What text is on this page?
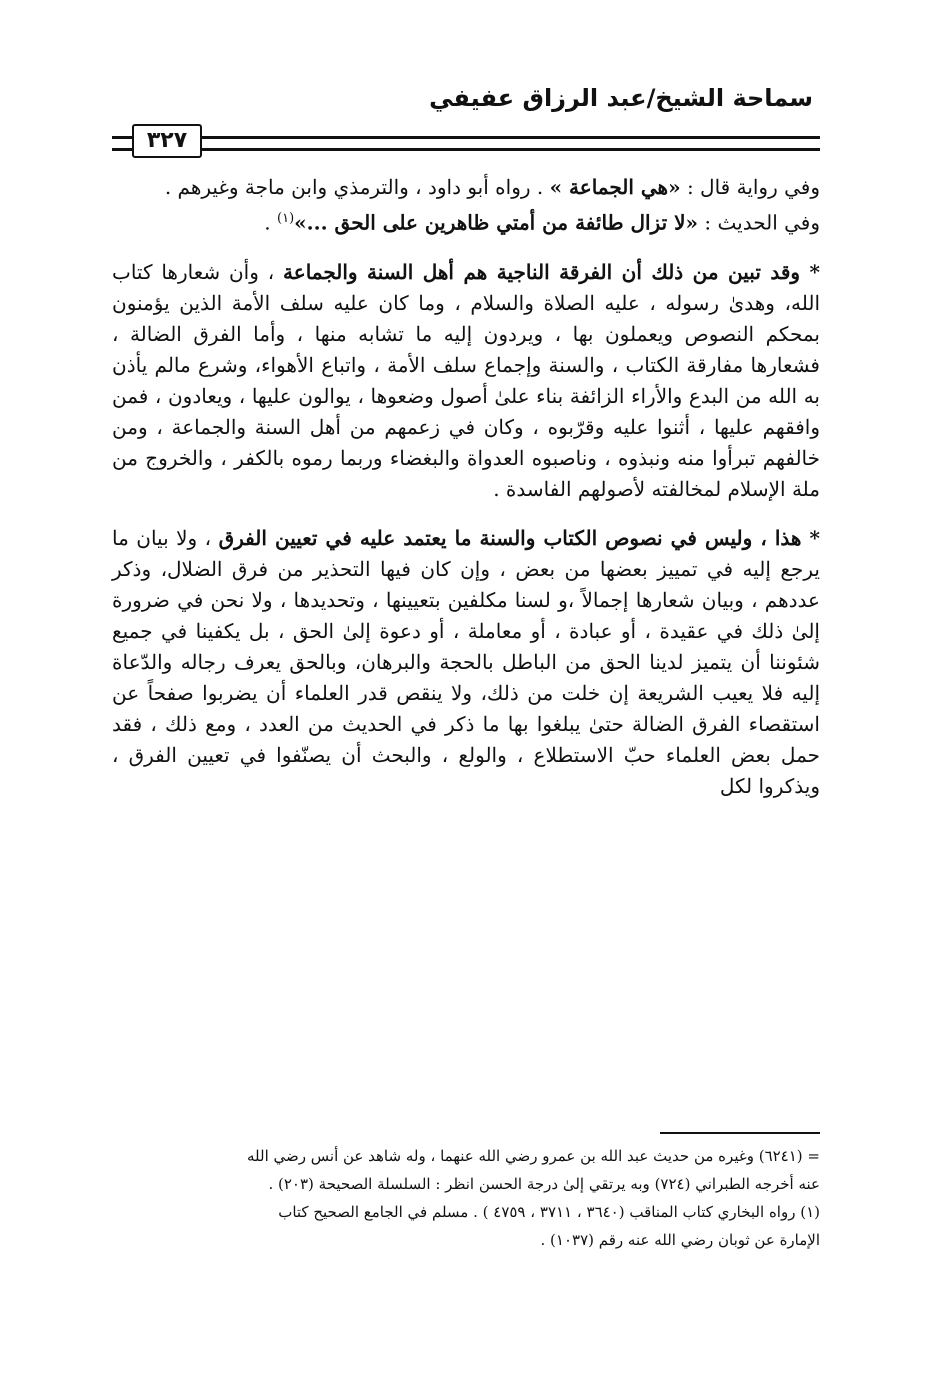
سماحة الشيخ/عبد الرزاق عفيفي
٣٢٧

وفي رواية قال : «هي الجماعة » . رواه أبو داود ، والترمذي وابن ماجة وغيرهم .
وفي الحديث : «لا تزال طائفة من أمتي ظاهرين على الحق ...»$^{(١)}$ .

* وقد تبين من ذلك أن الفرقة الناجية هم أهل السنة والجماعة ، وأن شعارها كتاب الله، وهدىٰ رسوله ، عليه الصلاة والسلام ، وما كان عليه سلف الأمة الذين يؤمنون بمحكم النصوص ويعملون بها ، ويردون إليه ما تشابه منها ، وأما الفرق الضالة ، فشعارها مفارقة الكتاب ، والسنة وإجماع سلف الأمة ، واتباع الأهواء، وشرع مالم يأذن به الله من البدع والأراء الزائفة بناء علىٰ أصول وضعوها ، يوالون عليها ، ويعادون ، فمن وافقهم عليها ، أثنوا عليه وقرّبوه ، وكان في زعمهم من أهل السنة والجماعة ، ومن خالفهم تبرأوا منه ونبذوه ، وناصبوه العدواة والبغضاء وربما رموه بالكفر ، والخروج من ملة الإسلام لمخالفته لأصولهم الفاسدة .

* هذا ، وليس في نصوص الكتاب والسنة ما يعتمد عليه في تعيين الفرق ، ولا بيان ما يرجع إليه في تمييز بعضها من بعض ، وإن كان فيها التحذير من فرق الضلال، وذكر عددهم ، وبيان شعارها إجمالاً ،و لسنا مكلفين بتعيينها ، وتحديدها ، ولا نحن في ضرورة إلىٰ ذلك في عقيدة ، أو عبادة ، أو معاملة ، أو دعوة إلىٰ الحق ، بل يكفينا في جميع شئوننا أن يتميز لدينا الحق من الباطل بالحجة والبرهان، وبالحق يعرف رجاله والدّعاة إليه فلا يعيب الشريعة إن خلت من ذلك، ولا ينقص قدر العلماء أن يضربوا صفحاً عن استقصاء الفرق الضالة حتىٰ يبلغوا بها ما ذكر في الحديث من العدد ، ومع ذلك ، فقد حمل بعض العلماء حبّ الاستطلاع ، والولع ، والبحث أن يصنّفوا في تعيين الفرق ، ويذكروا لكل

= (٦٢٤١) وغيره من حديث عبد الله بن عمرو رضي الله عنهما ، وله شاهد عن أنس رضي الله

عنه أخرجه الطبراني (٧٢٤) وبه يرتقي إلىٰ درجة الحسن انظر : السلسلة الصحيحة (٢٠٣) .

(١) رواه البخاري كتاب المناقب (٣٦٤٠ ، ٣٧١١ ، ٤٧٥٩ ) . مسلم في الجامع الصحيح كتاب

الإمارة عن ثوبان رضي الله عنه رقم (١٠٣٧) .
